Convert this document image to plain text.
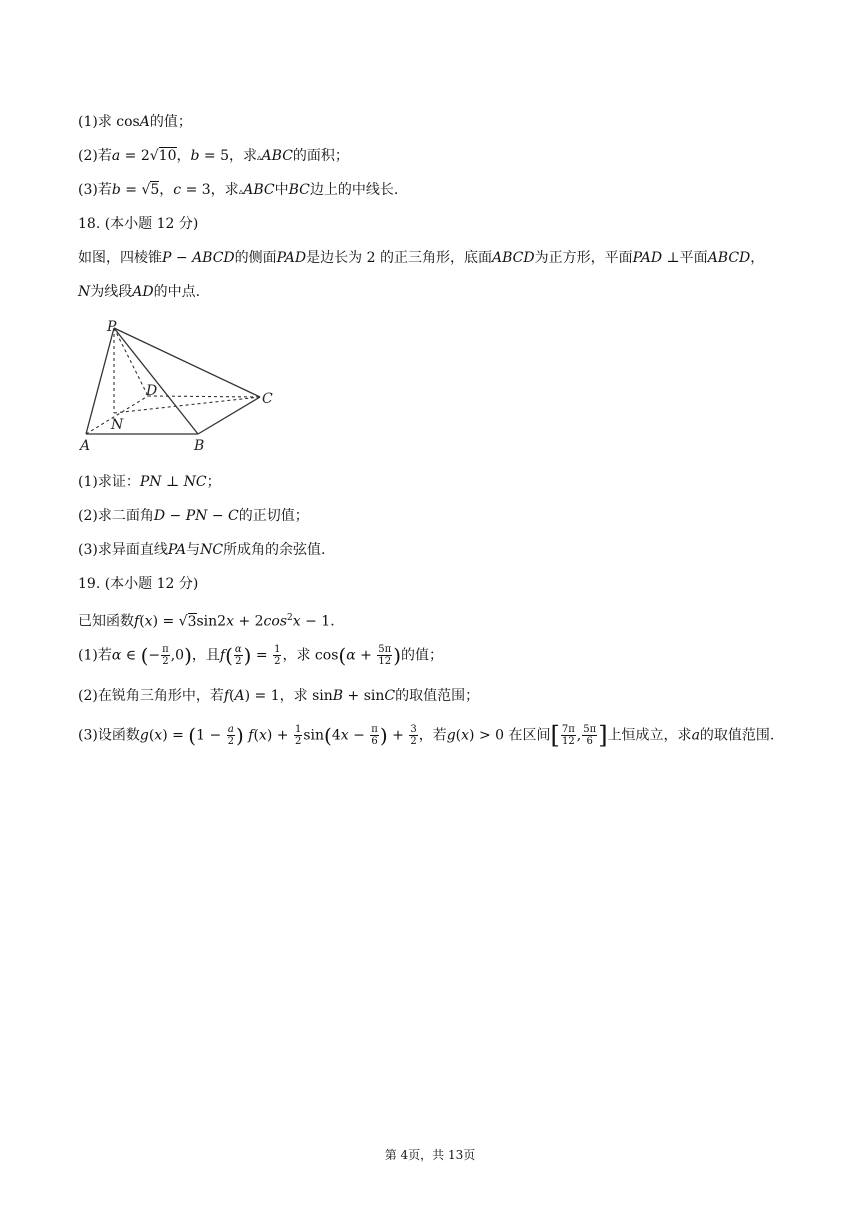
(1)求 cosA的值；
(2)若a = 2√10，b = 5，求▵ABC的面积；
(3)若b = √5，c = 3，求▵ABC中BC边上的中线长.
18. (本小题 12 分)
如图，四棱锥P − ABCD的侧面PAD是边长为 2 的正三角形，底面ABCD为正方形，平面PAD ⊥平面ABCD，
N为线段AD的中点.
P
D	C
N
A	B
(1)求证：PN ⊥ NC；
(2)求二面角D − PN − C的正切值；
(3)求异面直线PA与NC所成角的余弦值.
19. (本小题 12 分)
已知函数$f(x) = √3\sin 2x + 2\cos^2x - 1$.
(1)若α ∈ (− $\frac{\pi}{2} ,0$)，且$f( \frac{\alpha}{2}$ ) = $\frac{1}{2}$ ，求 $\cos(\alpha + \frac{5\pi}{12}$ )的值；
(2)在锐角三角形中，若f(A) = 1，求 sinB + sinC的取值范围；
(3)设函数$g(x) = (1 - \frac{a}{2}$ ) $f(x) + \frac{1}{2} \sin(4x - \frac{\pi}{6}$ ) + $\frac{3}{2}$ ，若g(x) > 0 在区间[ $\frac{7\pi}{12}$ , $\frac{5\pi}{6}$ ]上恒成立，求a的取值范围.
第 4页，共 13页
